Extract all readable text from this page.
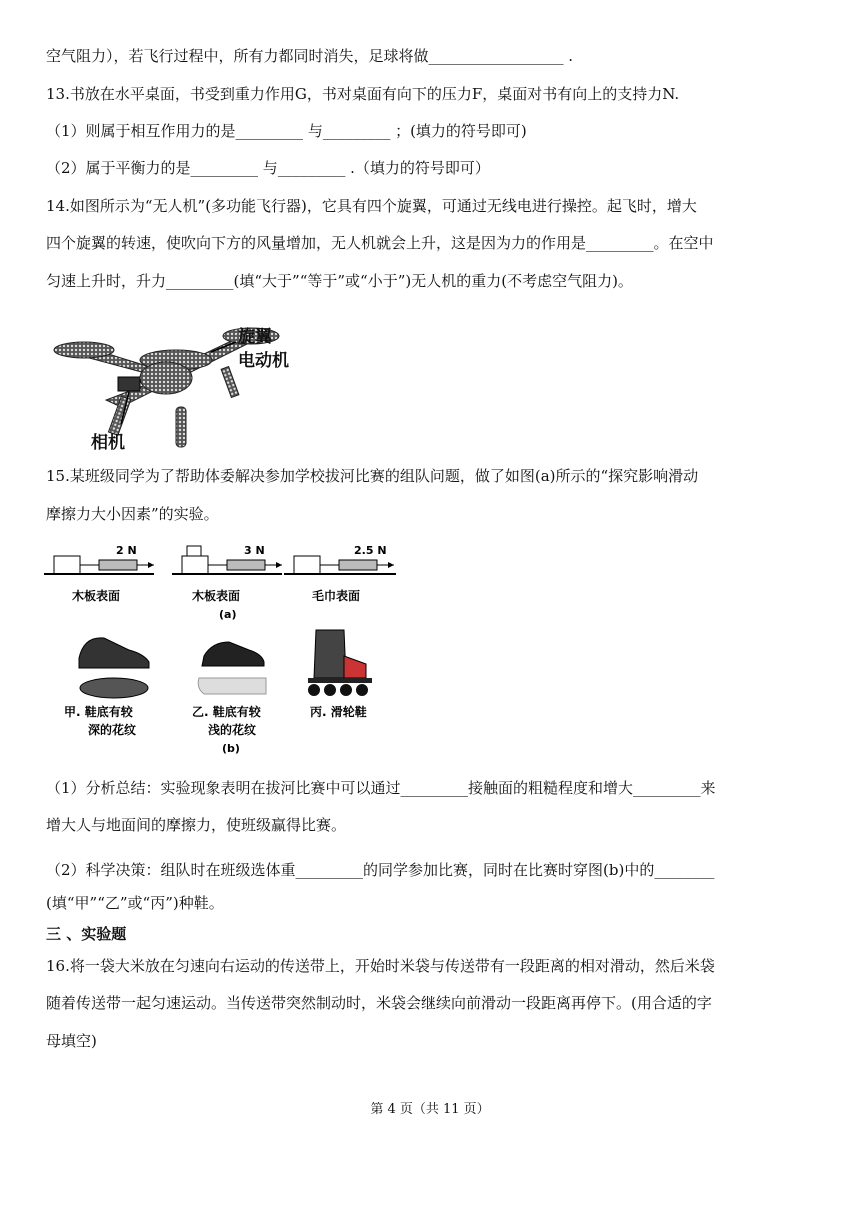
空气阻力），若飞行过程中，所有力都同时消失，足球将做__________________ .
13.书放在水平桌面，书受到重力作用G，书对桌面有向下的压力F，桌面对书有向上的支持力N.
（1）则属于相互作用力的是_________ 与_________ ；(填力的符号即可)
（2）属于平衡力的是_________ 与_________ .（填力的符号即可）
14.如图所示为“无人机”(多功能飞行器)，它具有四个旋翼，可通过无线电进行操控。起飞时，增大
四个旋翼的转速，使吹向下方的风量增加，无人机就会上升，这是因为力的作用是_________。在空中
匀速上升时，升力_________(填“大于”“等于”或“小于”)无人机的重力(不考虑空气阻力)。
旋翼
电动机
相机
15.某班级同学为了帮助体委解决参加学校拔河比赛的组队问题，做了如图(a)所示的“探究影响滑动
摩擦力大小因素”的实验。
2 N
木板表面
3 N
木板表面
(a)
2.5 N
毛巾表面
甲. 鞋底有较
深的花纹
乙. 鞋底有较
浅的花纹
丙. 滑轮鞋
(b)
（1）分析总结：实验现象表明在拔河比赛中可以通过_________接触面的粗糙程度和增大_________来
增大人与地面间的摩擦力，使班级赢得比赛。
（2）科学决策：组队时在班级选体重_________的同学参加比赛，同时在比赛时穿图(b)中的________
(填“甲”“乙”或“丙”)种鞋。
三 、实验题
16.将一袋大米放在匀速向右运动的传送带上，开始时米袋与传送带有一段距离的相对滑动，然后米袋
随着传送带一起匀速运动。当传送带突然制动时，米袋会继续向前滑动一段距离再停下。(用合适的字
母填空)
第 4 页（共 11 页）
